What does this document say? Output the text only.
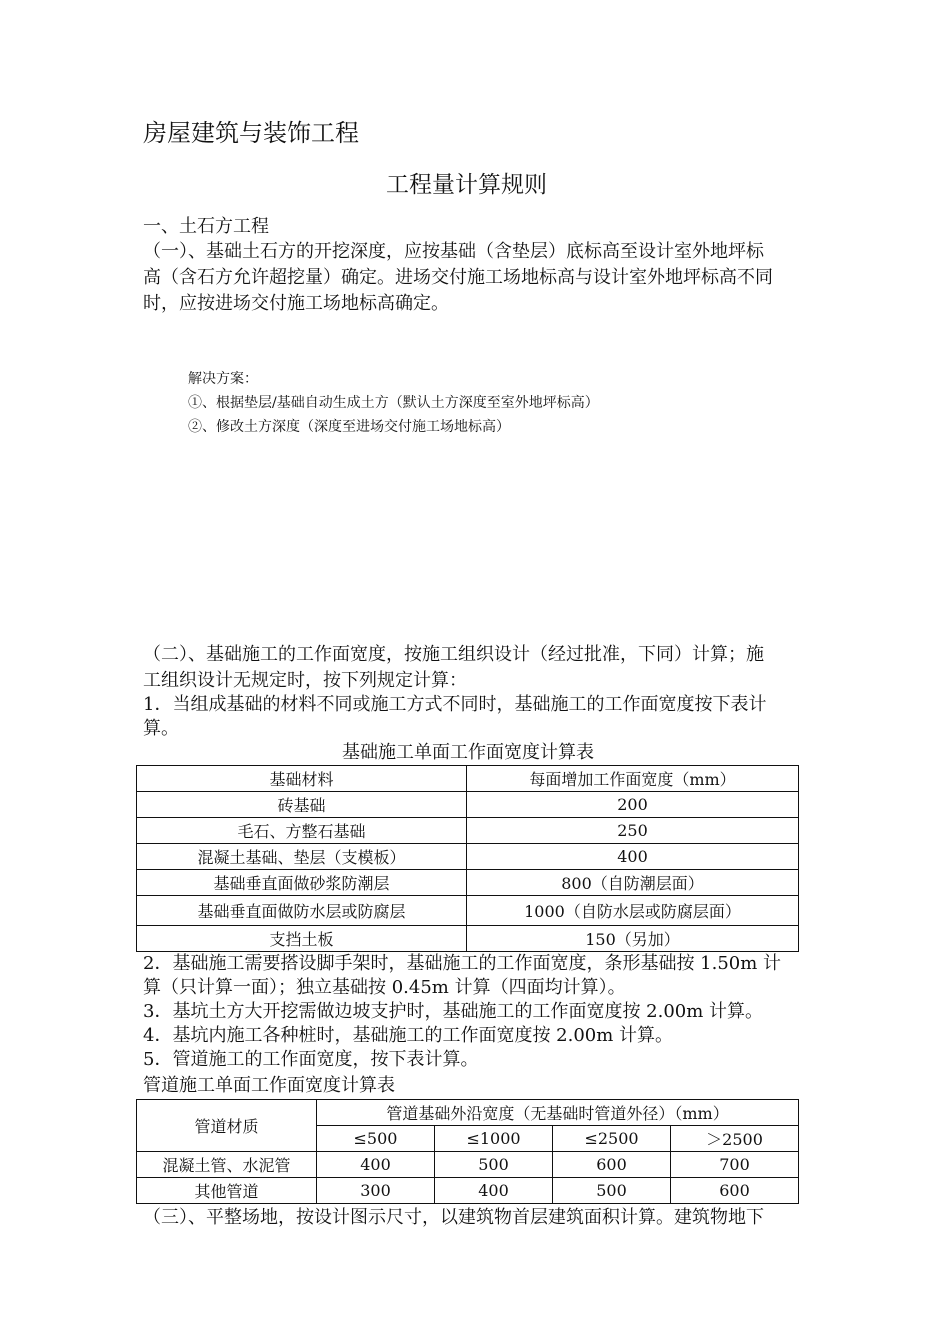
房屋建筑与装饰工程
工程量计算规则
一、土石方工程
（一）、基础土石方的开挖深度，应按基础（含垫层）底标高至设计室外地坪标
高（含石方允许超挖量）确定。进场交付施工场地标高与设计室外地坪标高不同
时，应按进场交付施工场地标高确定。
解决方案：
①、根据垫层/基础自动生成土方（默认土方深度至室外地坪标高）
②、修改土方深度（深度至进场交付施工场地标高）
（二）、基础施工的工作面宽度，按施工组织设计（经过批准，下同）计算；施
工组织设计无规定时，按下列规定计算：
1．当组成基础的材料不同或施工方式不同时，基础施工的工作面宽度按下表计
算。
基础施工单面工作面宽度计算表
基础材料	每面增加工作面宽度（mm）
砖基础	200
毛石、方整石基础	250
混凝土基础、垫层（支模板）	400
基础垂直面做砂浆防潮层	800（自防潮层面）
基础垂直面做防水层或防腐层	1000（自防水层或防腐层面）
支挡土板	150（另加）
2．基础施工需要搭设脚手架时，基础施工的工作面宽度，条形基础按 1.50m 计
算（只计算一面）；独立基础按 0.45m 计算（四面均计算）。
3．基坑土方大开挖需做边坡支护时，基础施工的工作面宽度按 2.00m 计算。
4．基坑内施工各种桩时，基础施工的工作面宽度按 2.00m 计算。
5．管道施工的工作面宽度，按下表计算。
管道施工单面工作面宽度计算表
管道材质	管道基础外沿宽度（无基础时管道外径）（mm）			
	≤500	≤1000	≤2500	＞2500
混凝土管、水泥管	400	500	600	700
其他管道	300	400	500	600
（三）、平整场地，按设计图示尺寸，以建筑物首层建筑面积计算。建筑物地下
